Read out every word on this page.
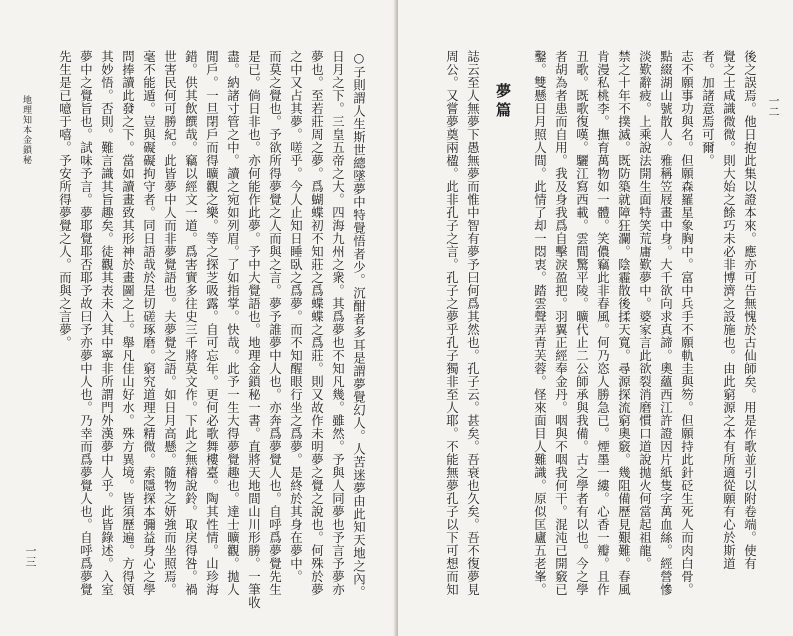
一三	○子則謂人生斯世總墜夢中特覺悟者少。沉酣者多耳是謂夢覺幻人。人苦迷夢由此知天地之內。
日月之下。三皇五帝之大。四海九州之衆。其爲夢也不知凡幾。雖然。予與人同夢也予言予夢亦
夢也。至若莊周之夢。爲蝴蝶初不知莊之爲蝶蝶之爲莊。則又故作未明夢之覺之說也。何殊於夢
之中又占其夢。嗟乎。今人止知日睡臥之爲夢。而不知醒眼行坐之爲夢。是終於其身在夢中。
而莫之覺也。予欲所得夢覺之人而與之言。夢予誰夢中人也。亦奔爲夢覺人也。自呼爲夢覺先生
是已。倘日非也。亦何能作此夢。予中大覺語也。地理金鎖秘一書。直將天地間山川形勝。一筆收
盡。納諸寸管之中。讀之宛如列眉。了如指掌。快哉。此予一生大得夢覺趣也。達士曠觀。拋人
閒戶。一旦閉戶而得曠觀之樂。等之探芝吸露。自可忘年。更何必歌舞樓臺。陶其性情。山珍海
錯。供其飲饌哉。竊以經文一道。爲害實多往史三千將莫文作。下此之無稽說鈴。取戾得咎。禍
世害民何可勝紀。此皆夢中人而非夢覺語也。夫夢覺之語。如日月高懸。隨物之妍強而坐照焉。
毫不能遁。豈與礙礙拘守者。同日語哉於是切磋琢磨。窮究道理之精微。索隱探本彌益身心之學
問捧讀此發之下。當如讀畫致其形神於畫圖之上。舉凡佳山好水。殊方異境。皆須歷遍。方得領
其妙悟。否則。難言識其旨趣矣。徒觀其表未入其中寧非所謂門外漢夢中人乎。此皆錄述。入室
夢中之覺旨也。試味予言。夢耶覺耶否耶予故曰予亦夢中人也。乃幸而爲夢覺人也。自呼爲夢覺
先生是已噫于嘻。予安所得夢覺之人。而與之言夢。
地理知本金鎖秘	一二
後之誤焉。他日抱此集以證本來。應亦可告無愧於古仙師矣。用是作歌並引以附卷端。使有
覺之士咸識微微。則大始之餘巧未必非博濟之設施也。由此窮源之本有所適從願有心於斯道
者。加諸意焉可爾。
志不願事功與名。但願森羅星象胸中。富中兵手不願軌圭與笏。但願持此針砭生死人而肉白骨。
點綴湖山號散人。雅稱笠屐畫中身。大千欲向求真諦。奧蘊西江許證因片紙隻字萬血絲。經營慘
淡歎辭疲。上乘說法開生面特笑荒庸歎夢中。婆家言此欲裂消磨慣口道說拋火何當起祖龍。
禁之十年不撲滅。既防築就障狂瀾。陰霾散後揉天寬。尋源探流窮奧竅。幾阻備歷見艱難。春風
肯漫私桃李。撫育萬物如一體。笑儂竊此非春風。何乃恣人勝急已。煙墨一縷。心香一瓣。且作
丑歌。既歌復嘆。驪江寫西載。雲間驚平陵。曠代止二公師承與我備。古之學者有以也。今之學
者胡為者患而自用。我及身我爲自擊淚盈把。羽翼正經奉金丹。咽與不咽我何干。混沌已開竅已
鑿。雙懸日月照人間。此情了却一悶衷。踏雲聲弄青芙蓉。怪來面目人難識。原似匡廬五老峯。
夢篇
誌云至人無夢下愚無夢而惟中智有夢予曰何爲其然也。孔子云。甚矣。吾衰也久矣。吾不復夢見
周公。又嘗夢奠兩楹。此非孔子之言。孔子之夢乎孔子獨非至人耶。不能無夢孔子以下可想而知
